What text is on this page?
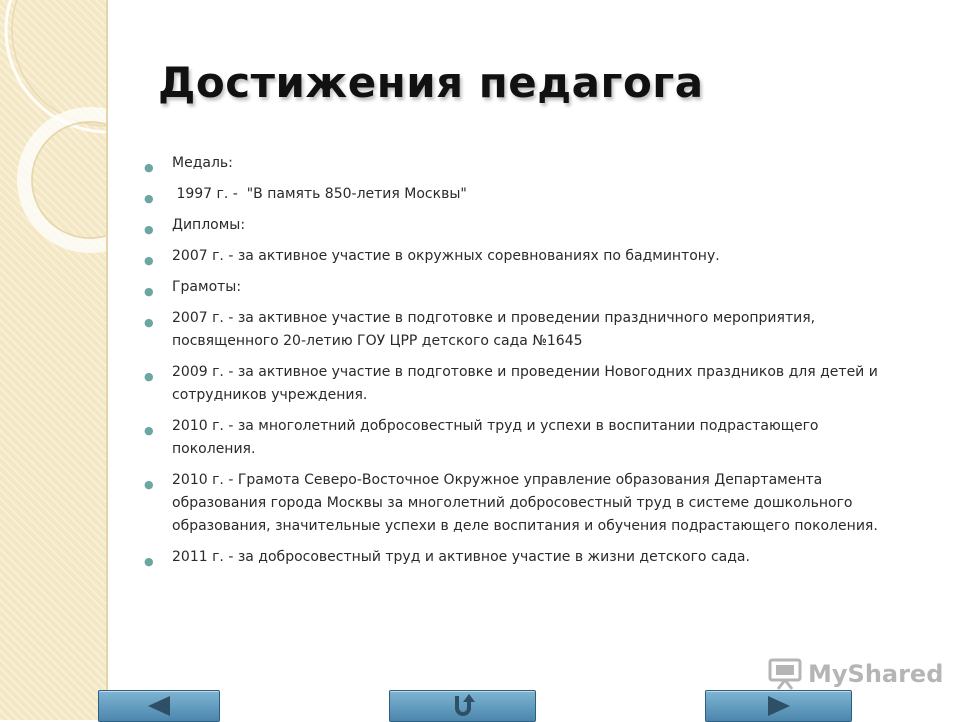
Достижения педагога
● Медаль:
● 1997 г. -  "В память 850-летия Москвы"
● Дипломы:
● 2007 г. - за активное участие в окружных соревнованиях по бадминтону.
● Грамоты:
● 2007 г. - за активное участие в подготовке и проведении праздничного мероприятия, посвященного 20-летию ГОУ ЦРР детского сада №1645
● 2009 г. - за активное участие в подготовке и проведении Новогодних праздников для детей и сотрудников учреждения.
● 2010 г. - за многолетний добросовестный труд и успехи в воспитании подрастающего поколения.
● 2010 г. - Грамота Северо-Восточное Окружное управление образования Департамента образования города Москвы за многолетний добросовестный труд в системе дошкольного образования, значительные успехи в деле воспитания и обучения подрастающего поколения.
● 2011 г. - за добросовестный труд и активное участие в жизни детского сада.
MyShared
